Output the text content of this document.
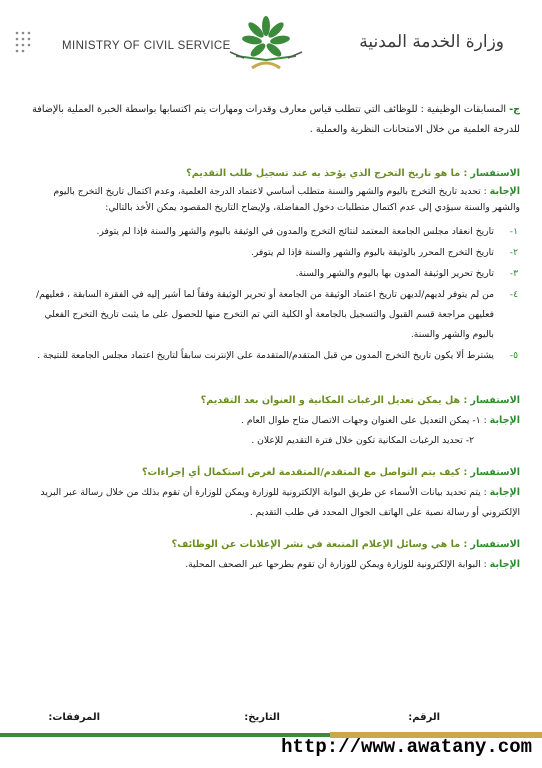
MINISTRY OF CIVIL SERVICE	وزارة الخدمة المدنية

ج- المسابقات الوظيفية : للوظائف التي تتطلب قياس معارف وقدرات ومهارات يتم اكتسابها بواسطة الخبرة العملية بالإضافة للدرجة العلمية من خلال الامتحانات النظرية والعملية .

الاستفسار : ما هو تاريخ التخرج الذي يؤخذ به عند تسجيل طلب التقديم؟

الإجابة : تحديد تاريخ التخرج باليوم والشهر والسنة متطلب أساسي لاعتماد الدرجة العلمية، وعدم اكتمال تاريخ التخرج باليوم والشهر والسنة سيؤدي إلى عدم اكتمال متطلبات دخول المفاضلة، ولإيضاح التاريخ المقصود يمكن الأخذ بالتالي:

١-
تاريخ انعقاد مجلس الجامعة المعتمد لنتائج التخرج والمدون في الوثيقة باليوم والشهر والسنة فإذا لم يتوفر.
٢-
تاريخ التخرج المحرر بالوثيقة باليوم والشهر والسنة فإذا لم يتوفر.
٣-
تاريخ تحرير الوثيقة المدون بها باليوم والشهر والسنة.
٤-
من لم يتوفر لديهم/لديهن تاريخ اعتماد الوثيقة من الجامعة أو تحرير الوثيقة وفقاً لما أشير إليه في الفقرة السابقة ، فعليهم/فعليهن مراجعة قسم القبول والتسجيل بالجامعة أو الكلية التي تم التخرج منها للحصول على ما يثبت تاريخ التخرج الفعلي باليوم والشهر والسنة.
٥-
يشترط ألا يكون تاريخ التخرج المدون من قبل المتقدم/المتقدمة على الإنترنت سابقاً لتاريخ اعتماد مجلس الجامعة للنتيجة .

الاستفسار : هل يمكن تعديل الرغبات المكانية و العنوان بعد التقديم؟

الإجابة : ١- يمكن التعديل على العنوان وجهات الاتصال متاح طوال العام .

٢- تحديد الرغبات المكانية تكون خلال فترة التقديم للإعلان .

الاستفسار : كيف يتم التواصل مع المتقدم/المتقدمة لغرض استكمال أي إجراءات؟

الإجابة : يتم تحديد بيانات الأسماء عن طريق البوابة الإلكترونية للوزارة ويمكن للوزارة أن تقوم بذلك من خلال رسالة عبر البريد الإلكتروني أو رسالة نصية على الهاتف الجوال المحدد في طلب التقديم .

الاستفسار : ما هي وسائل الإعلام المتبعة في نشر الإعلانات عن الوظائف؟

الإجابة : البوابة الإلكترونية للوزارة ويمكن للوزارة أن تقوم بطرحها عبر الصحف المحلية.

الرقم:
التاريخ:
المرفقات:
http://www.awatany.com
